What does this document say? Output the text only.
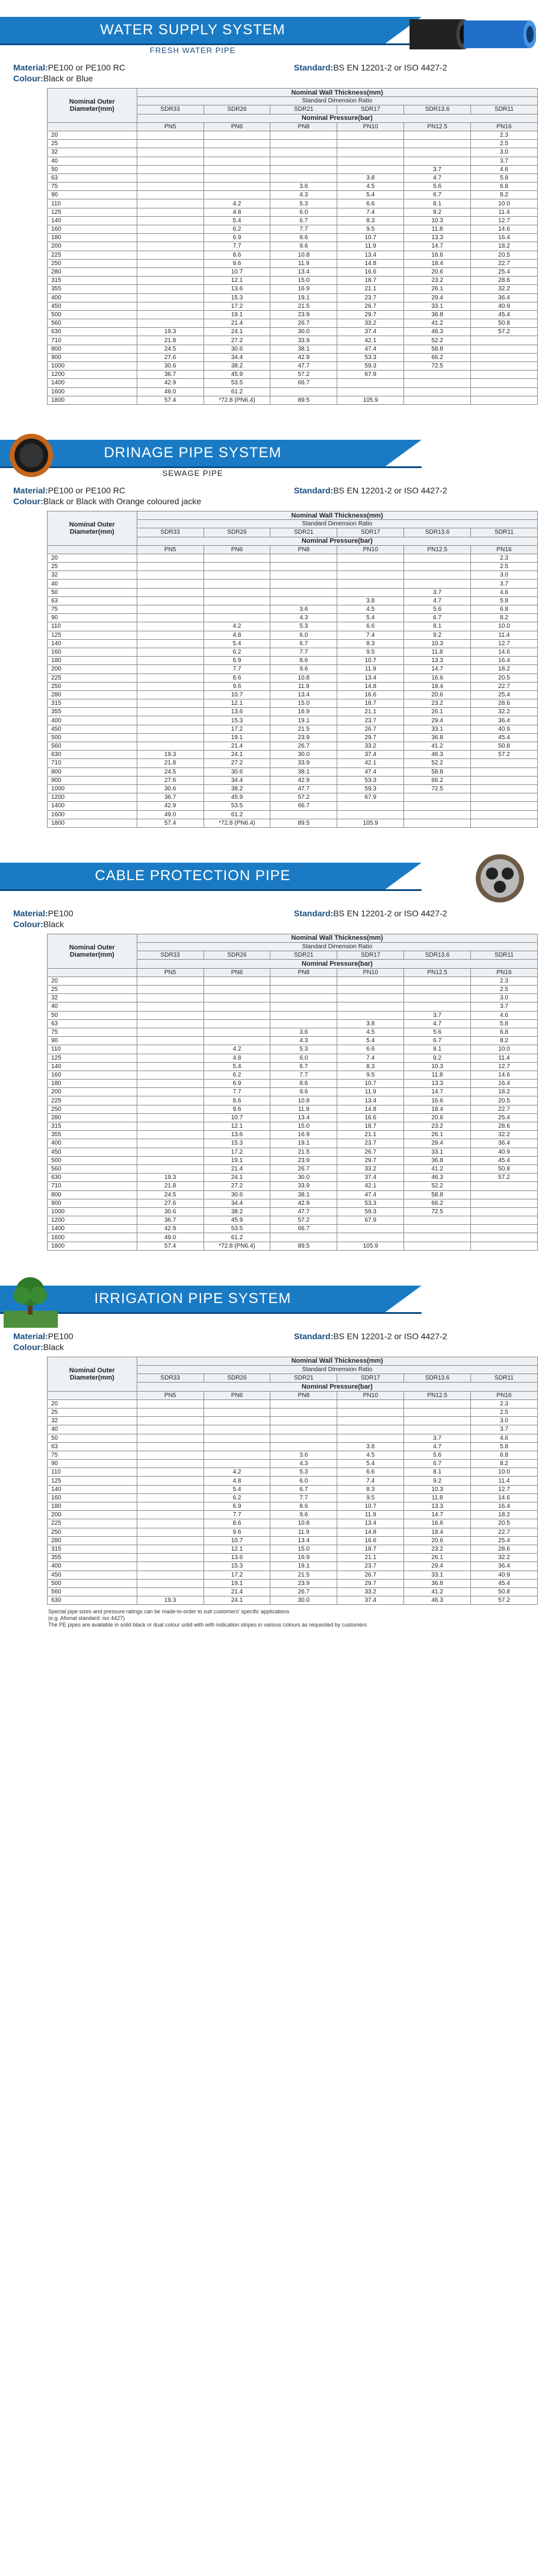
WATER SUPPLY SYSTEM
FRESH WATER PIPE
Material:PE100 or PE100 RC
Colour:Black or Blue
Standard:BS EN 12201-2 or ISO 4427-2
Nominal Outer Diameter(mm)	Nominal Wall Thickness(mm)					
	Standard Dimension Ratio					
	SDR33	SDR26	SDR21	SDR17	SDR13.6	SDR11
	Nominal Pressure(bar)					
	PN5	PN6	PN8	PN10	PN12.5	PN16
20						2.3
25						2.5
32						3.0
40						3.7
50					3.7	4.6
63				3.8	4.7	5.8
75			3.6	4.5	5.6	6.8
90			4.3	5.4	6.7	8.2
110		4.2	5.3	6.6	8.1	10.0
125		4.8	6.0	7.4	9.2	11.4
140		5.4	6.7	8.3	10.3	12.7
160		6.2	7.7	9.5	11.8	14.6
180		6.9	8.6	10.7	13.3	16.4
200		7.7	9.6	11.9	14.7	18.2
225		8.6	10.8	13.4	16.6	20.5
250		9.6	11.9	14.8	18.4	22.7
280		10.7	13.4	16.6	20.6	25.4
315		12.1	15.0	18.7	23.2	28.6
355		13.6	16.9	21.1	26.1	32.2
400		15.3	19.1	23.7	29.4	36.4
450		17.2	21.5	26.7	33.1	40.9
500		19.1	23.9	29.7	36.8	45.4
560		21.4	26.7	33.2	41.2	50.8
630	19.3	24.1	30.0	37.4	46.3	57.2
710	21.8	27.2	33.9	42.1	52.2	
800	24.5	30.6	38.1	47.4	58.8	
900	27.6	34.4	42.9	53.3	66.2	
1000	30.6	38.2	47.7	59.3	72.5	
1200	36.7	45.9	57.2	67.9		
1400	42.9	53.5	66.7			
1600	49.0	61.2				
1800	57.4	*72.8 (PN6.4)	89.5	105.9		
DRINAGE PIPE SYSTEM
SEWAGE PIPE
Material:PE100 or PE100 RC
Colour:Black or Black with Orange coloured jacke
Standard:BS EN 12201-2 or ISO 4427-2
Nominal Outer Diameter(mm)	Nominal Wall Thickness(mm)					
	Standard Dimension Ratio					
	SDR33	SDR26	SDR21	SDR17	SDR13.6	SDR11
	Nominal Pressure(bar)					
	PN5	PN6	PN8	PN10	PN12.5	PN16
20						2.3
25						2.5
32						3.0
40						3.7
50					3.7	4.6
63				3.8	4.7	5.8
75			3.6	4.5	5.6	6.8
90			4.3	5.4	6.7	8.2
110		4.2	5.3	6.6	8.1	10.0
125		4.8	6.0	7.4	9.2	11.4
140		5.4	6.7	8.3	10.3	12.7
160		6.2	7.7	9.5	11.8	14.6
180		6.9	8.6	10.7	13.3	16.4
200		7.7	9.6	11.9	14.7	18.2
225		8.6	10.8	13.4	16.6	20.5
250		9.6	11.9	14.8	18.4	22.7
280		10.7	13.4	16.6	20.6	25.4
315		12.1	15.0	18.7	23.2	28.6
355		13.6	16.9	21.1	26.1	32.2
400		15.3	19.1	23.7	29.4	36.4
450		17.2	21.5	26.7	33.1	40.9
500		19.1	23.9	29.7	36.8	45.4
560		21.4	26.7	33.2	41.2	50.8
630	19.3	24.1	30.0	37.4	46.3	57.2
710	21.8	27.2	33.9	42.1	52.2	
800	24.5	30.6	38.1	47.4	58.8	
900	27.6	34.4	42.9	53.3	66.2	
1000	30.6	38.2	47.7	59.3	72.5	
1200	36.7	45.9	57.2	67.9		
1400	42.9	53.5	66.7			
1600	49.0	61.2				
1800	57.4	*72.8 (PN6.4)	89.5	105.9		
CABLE PROTECTION PIPE
Material:PE100
Colour:Black
Standard:BS EN 12201-2 or ISO 4427-2
Nominal Outer Diameter(mm)	Nominal Wall Thickness(mm)					
	Standard Dimension Ratio					
	SDR33	SDR26	SDR21	SDR17	SDR13.6	SDR11
	Nominal Pressure(bar)					
	PN5	PN6	PN8	PN10	PN12.5	PN16
20						2.3
25						2.5
32						3.0
40						3.7
50					3.7	4.6
63				3.8	4.7	5.8
75			3.6	4.5	5.6	6.8
90			4.3	5.4	6.7	8.2
110		4.2	5.3	6.6	8.1	10.0
125		4.8	6.0	7.4	9.2	11.4
140		5.4	6.7	8.3	10.3	12.7
160		6.2	7.7	9.5	11.8	14.6
180		6.9	8.6	10.7	13.3	16.4
200		7.7	9.6	11.9	14.7	18.2
225		8.6	10.8	13.4	16.6	20.5
250		9.6	11.9	14.8	18.4	22.7
280		10.7	13.4	16.6	20.6	25.4
315		12.1	15.0	18.7	23.2	28.6
355		13.6	16.9	21.1	26.1	32.2
400		15.3	19.1	23.7	29.4	36.4
450		17.2	21.5	26.7	33.1	40.9
500		19.1	23.9	29.7	36.8	45.4
560		21.4	26.7	33.2	41.2	50.8
630	19.3	24.1	30.0	37.4	46.3	57.2
710	21.8	27.2	33.9	42.1	52.2	
800	24.5	30.6	38.1	47.4	58.8	
900	27.6	34.4	42.9	53.3	66.2	
1000	30.6	38.2	47.7	59.3	72.5	
1200	36.7	45.9	57.2	67.9		
1400	42.9	53.5	66.7			
1600	49.0	61.2				
1800	57.4	*72.8 (PN6.4)	89.5	105.9		
IRRIGATION PIPE SYSTEM
Material:PE100
Colour:Black
Standard:BS EN 12201-2 or ISO 4427-2
Nominal Outer Diameter(mm)	Nominal Wall Thickness(mm)					
	Standard Dimension Ratio					
	SDR33	SDR26	SDR21	SDR17	SDR13.6	SDR11
	Nominal Pressure(bar)					
	PN5	PN6	PN8	PN10	PN12.5	PN16
20						2.3
25						2.5
32						3.0
40						3.7
50					3.7	4.6
63				3.8	4.7	5.8
75			3.6	4.5	5.6	6.8
90			4.3	5.4	6.7	8.2
110		4.2	5.3	6.6	8.1	10.0
125		4.8	6.0	7.4	9.2	11.4
140		5.4	6.7	8.3	10.3	12.7
160		6.2	7.7	9.5	11.8	14.6
180		6.9	8.6	10.7	13.3	16.4
200		7.7	9.6	11.9	14.7	18.2
225		8.6	10.8	13.4	16.6	20.5
250		9.6	11.9	14.8	18.4	22.7
280		10.7	13.4	16.6	20.6	25.4
315		12.1	15.0	18.7	23.2	28.6
355		13.6	16.9	21.1	26.1	32.2
400		15.3	19.1	23.7	29.4	36.4
450		17.2	21.5	26.7	33.1	40.9
500		19.1	23.9	29.7	36.8	45.4
560		21.4	26.7	33.2	41.2	50.8
630	19.3	24.1	30.0	37.4	46.3	57.2
Special pipe sizes and pressure ratings can be made-to-order to suit customers' specific applications
(e.g. Afional standard: iso 4427)
The PE pipes are available in solid black or dual colour solid with with indication stripes in various colours as requested by customers
